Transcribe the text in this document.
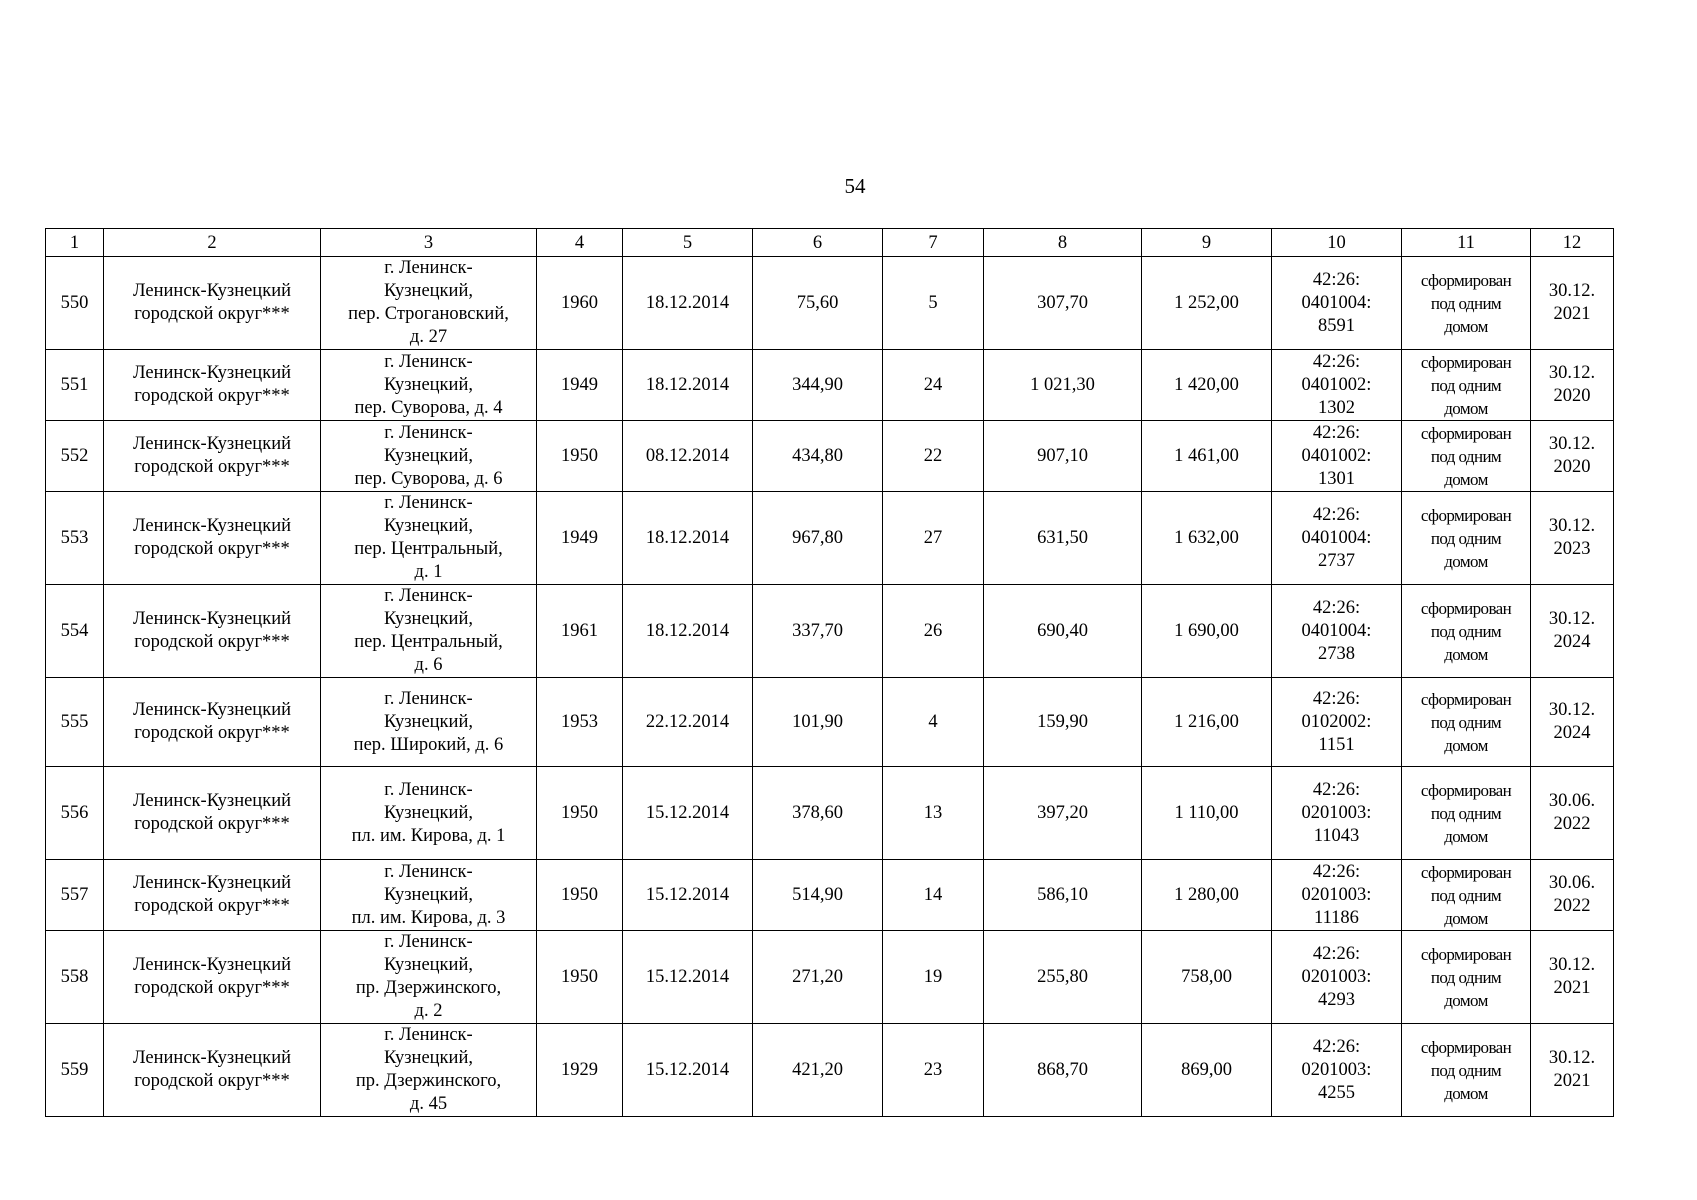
54
1	2	3	4	5	6	7	8	9	10	11	12
550	Ленинск-Кузнецкий
городской округ***	г. Ленинск-
Кузнецкий,
пер. Строгановский,
д. 27	1960	18.12.2014	75,60	5	307,70	1 252,00	42:26:
0401004:
8591	сформирован
под одним
домом	30.12.
2021
551	Ленинск-Кузнецкий
городской округ***	г. Ленинск-
Кузнецкий,
пер. Суворова, д. 4	1949	18.12.2014	344,90	24	1 021,30	1 420,00	42:26:
0401002:
1302	сформирован
под одним
домом	30.12.
2020
552	Ленинск-Кузнецкий
городской округ***	г. Ленинск-
Кузнецкий,
пер. Суворова, д. 6	1950	08.12.2014	434,80	22	907,10	1 461,00	42:26:
0401002:
1301	сформирован
под одним
домом	30.12.
2020
553	Ленинск-Кузнецкий
городской округ***	г. Ленинск-
Кузнецкий,
пер. Центральный,
д. 1	1949	18.12.2014	967,80	27	631,50	1 632,00	42:26:
0401004:
2737	сформирован
под одним
домом	30.12.
2023
554	Ленинск-Кузнецкий
городской округ***	г. Ленинск-
Кузнецкий,
пер. Центральный,
д. 6	1961	18.12.2014	337,70	26	690,40	1 690,00	42:26:
0401004:
2738	сформирован
под одним
домом	30.12.
2024
555	Ленинск-Кузнецкий
городской округ***	г. Ленинск-
Кузнецкий,
пер. Широкий, д. 6	1953	22.12.2014	101,90	4	159,90	1 216,00	42:26:
0102002:
1151	сформирован
под одним
домом	30.12.
2024
556	Ленинск-Кузнецкий
городской округ***	г. Ленинск-
Кузнецкий,
пл. им. Кирова, д. 1	1950	15.12.2014	378,60	13	397,20	1 110,00	42:26:
0201003:
11043	сформирован
под одним
домом	30.06.
2022
557	Ленинск-Кузнецкий
городской округ***	г. Ленинск-
Кузнецкий,
пл. им. Кирова, д. 3	1950	15.12.2014	514,90	14	586,10	1 280,00	42:26:
0201003:
11186	сформирован
под одним
домом	30.06.
2022
558	Ленинск-Кузнецкий
городской округ***	г. Ленинск-
Кузнецкий,
пр. Дзержинского,
д. 2	1950	15.12.2014	271,20	19	255,80	758,00	42:26:
0201003:
4293	сформирован
под одним
домом	30.12.
2021
559	Ленинск-Кузнецкий
городской округ***	г. Ленинск-
Кузнецкий,
пр. Дзержинского,
д. 45	1929	15.12.2014	421,20	23	868,70	869,00	42:26:
0201003:
4255	сформирован
под одним
домом	30.12.
2021
